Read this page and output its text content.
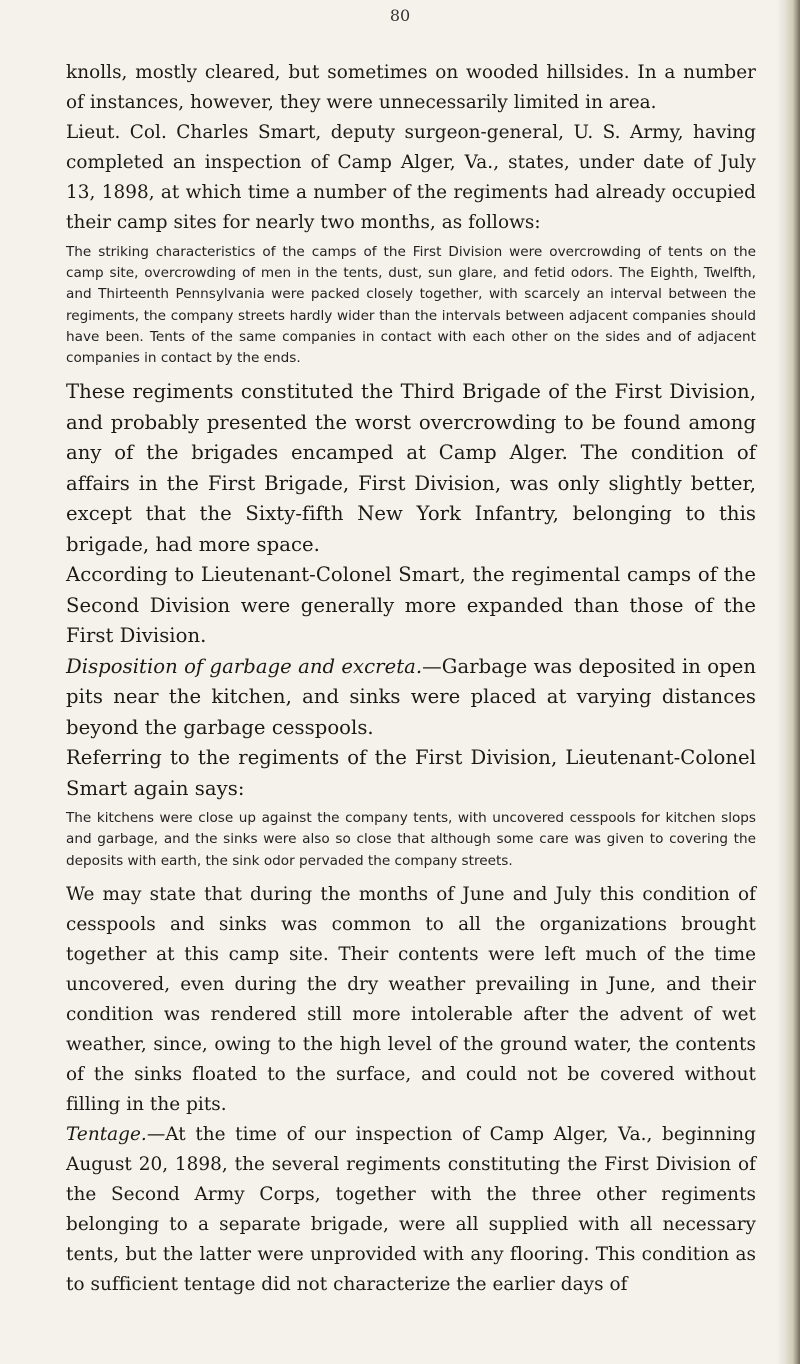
80

knolls, mostly cleared, but sometimes on wooded hillsides. In a number of instances, however, they were unnecessarily limited in area.

Lieut. Col. Charles Smart, deputy surgeon-general, U. S. Army, having completed an inspection of Camp Alger, Va., states, under date of July 13, 1898, at which time a number of the regiments had already occupied their camp sites for nearly two months, as follows:

The striking characteristics of the camps of the First Division were overcrowding of tents on the camp site, overcrowding of men in the tents, dust, sun glare, and fetid odors. The Eighth, Twelfth, and Thirteenth Pennsylvania were packed closely together, with scarcely an interval between the regiments, the company streets hardly wider than the intervals between adjacent companies should have been. Tents of the same companies in contact with each other on the sides and of adjacent companies in contact by the ends.

These regiments constituted the Third Brigade of the First Division, and probably presented the worst overcrowding to be found among any of the brigades encamped at Camp Alger. The condition of affairs in the First Brigade, First Division, was only slightly better, except that the Sixty-fifth New York Infantry, belonging to this brigade, had more space.

According to Lieutenant-Colonel Smart, the regimental camps of the Second Division were generally more expanded than those of the First Division.

Disposition of garbage and excreta.—Garbage was deposited in open pits near the kitchen, and sinks were placed at varying distances beyond the garbage cesspools.

Referring to the regiments of the First Division, Lieutenant-Colonel Smart again says:

The kitchens were close up against the company tents, with uncovered cesspools for kitchen slops and garbage, and the sinks were also so close that although some care was given to covering the deposits with earth, the sink odor pervaded the company streets.

We may state that during the months of June and July this condition of cesspools and sinks was common to all the organizations brought together at this camp site. Their contents were left much of the time uncovered, even during the dry weather prevailing in June, and their condition was rendered still more intolerable after the advent of wet weather, since, owing to the high level of the ground water, the contents of the sinks floated to the surface, and could not be covered without filling in the pits.

Tentage.—At the time of our inspection of Camp Alger, Va., beginning August 20, 1898, the several regiments constituting the First Division of the Second Army Corps, together with the three other regiments belonging to a separate brigade, were all supplied with all necessary tents, but the latter were unprovided with any flooring. This condition as to sufficient tentage did not characterize the earlier days of
